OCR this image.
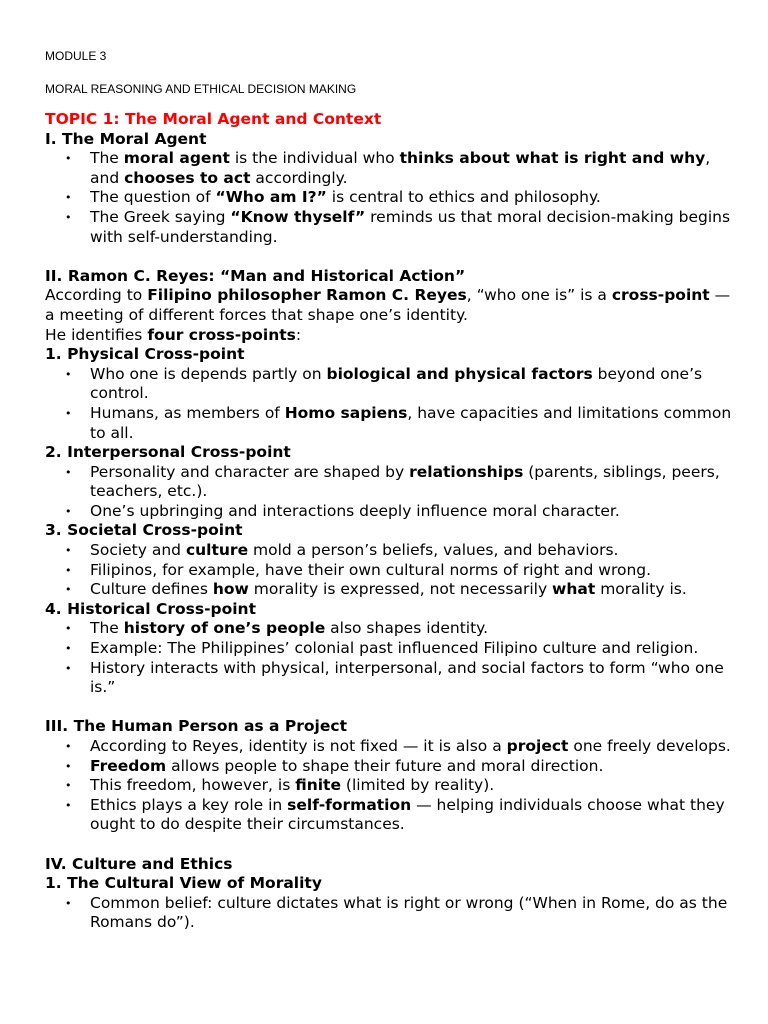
MODULE 3
MORAL REASONING AND ETHICAL DECISION MAKING
TOPIC 1: The Moral Agent and Context
I. The Moral Agent
• The moral agent is the individual who thinks about what is right and why, and chooses to act accordingly.
• The question of “Who am I?” is central to ethics and philosophy.
• The Greek saying “Know thyself” reminds us that moral decision-making begins with self-understanding.
II. Ramon C. Reyes: “Man and Historical Action”

According to Filipino philosopher Ramon C. Reyes, “who one is” is a cross-point — a meeting of different forces that shape one’s identity.

He identifies four cross-points:

1. Physical Cross-point
• Who one is depends partly on biological and physical factors beyond one’s control.
• Humans, as members of Homo sapiens, have capacities and limitations common to all.
2. Interpersonal Cross-point
• Personality and character are shaped by relationships (parents, siblings, peers, teachers, etc.).
• One’s upbringing and interactions deeply influence moral character.
3. Societal Cross-point
• Society and culture mold a person’s beliefs, values, and behaviors.
• Filipinos, for example, have their own cultural norms of right and wrong.
• Culture defines how morality is expressed, not necessarily what morality is.
4. Historical Cross-point
• The history of one’s people also shapes identity.
• Example: The Philippines’ colonial past influenced Filipino culture and religion.
• History interacts with physical, interpersonal, and social factors to form “who one is.”
III. The Human Person as a Project
• According to Reyes, identity is not fixed — it is also a project one freely develops.
• Freedom allows people to shape their future and moral direction.
• This freedom, however, is finite (limited by reality).
• Ethics plays a key role in self-formation — helping individuals choose what they ought to do despite their circumstances.
IV. Culture and Ethics
1. The Cultural View of Morality
• Common belief: culture dictates what is right or wrong (“When in Rome, do as the Romans do”).
